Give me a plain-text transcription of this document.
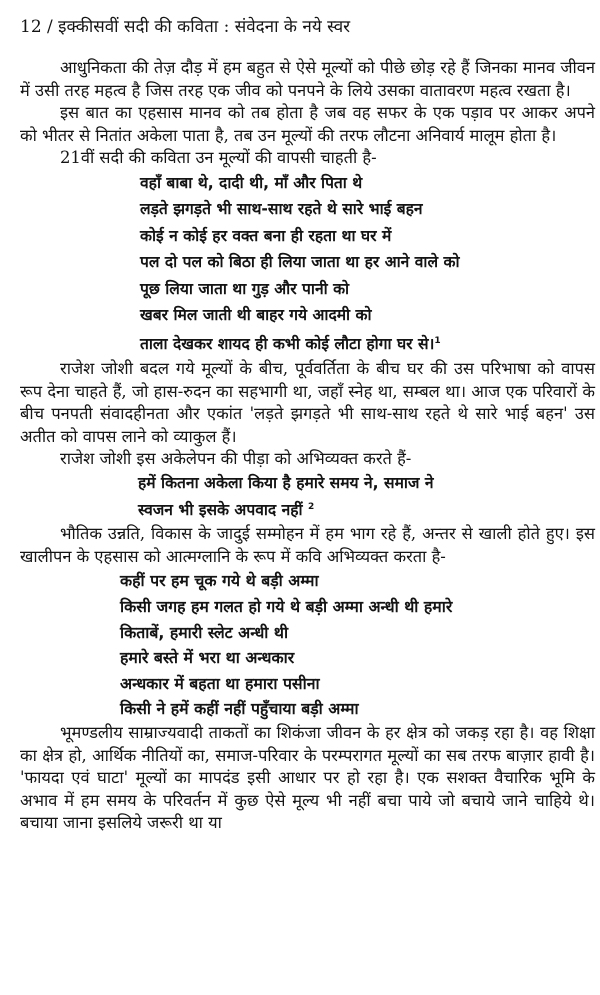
12 / इक्कीसवीं सदी की कविता : संवेदना के नये स्वर

आधुनिकता की तेज़ दौड़ में हम बहुत से ऐसे मूल्यों को पीछे छोड़ रहे हैं जिनका मानव जीवन में उसी तरह महत्व है जिस तरह एक जीव को पनपने के लिये उसका वातावरण महत्व रखता है।

इस बात का एहसास मानव को तब होता है जब वह सफर के एक पड़ाव पर आकर अपने को भीतर से नितांत अकेला पाता है, तब उन मूल्यों की तरफ लौटना अनिवार्य मालूम होता है।

21वीं सदी की कविता उन मूल्यों की वापसी चाहती है-

वहाँ बाबा थे, दादी थी, माँ और पिता थे
लड़ते झगड़ते भी साथ-साथ रहते थे सारे भाई बहन
कोई न कोई हर वक्त बना ही रहता था घर में
पल दो पल को बिठा ही लिया जाता था हर आने वाले को
पूछ लिया जाता था गुड़ और पानी को
खबर मिल जाती थी बाहर गये आदमी को
ताला देखकर शायद ही कभी कोई लौटा होगा घर से।$^1$

राजेश जोशी बदल गये मूल्यों के बीच, पूर्ववर्तिता के बीच घर की उस परिभाषा को वापस रूप देना चाहते हैं, जो हास-रुदन का सहभागी था, जहाँ स्नेह था, सम्बल था। आज एक परिवारों के बीच पनपती संवादहीनता और एकांत 'लड़ते झगड़ते भी साथ-साथ रहते थे सारे भाई बहन' उस अतीत को वापस लाने को व्याकुल हैं।

राजेश जोशी इस अकेलेपन की पीड़ा को अभिव्यक्त करते हैं-

हमें कितना अकेला किया है हमारे समय ने, समाज ने
स्वजन भी इसके अपवाद नहीं $^2$

भौतिक उन्नति, विकास के जादुई सम्मोहन में हम भाग रहे हैं, अन्तर से खाली होते हुए। इस खालीपन के एहसास को आत्मग्लानि के रूप में कवि अभिव्यक्त करता है-

कहीं पर हम चूक गये थे बड़ी अम्मा
किसी जगह हम गलत हो गये थे बड़ी अम्मा अन्धी थी हमारे
किताबें, हमारी स्लेट अन्धी थी
हमारे बस्ते में भरा था अन्धकार
अन्धकार में बहता था हमारा पसीना
किसी ने हमें कहीं नहीं पहुँचाया बड़ी अम्मा

भूमण्डलीय साम्राज्यवादी ताकतों का शिकंजा जीवन के हर क्षेत्र को जकड़ रहा है। वह शिक्षा का क्षेत्र हो, आर्थिक नीतियों का, समाज-परिवार के परम्परागत मूल्यों का सब तरफ बाज़ार हावी है। 'फायदा एवं घाटा' मूल्यों का मापदंड इसी आधार पर हो रहा है। एक सशक्त वैचारिक भूमि के अभाव में हम समय के परिवर्तन में कुछ ऐसे मूल्य भी नहीं बचा पाये जो बचाये जाने चाहिये थे। बचाया जाना इसलिये जरूरी था या
